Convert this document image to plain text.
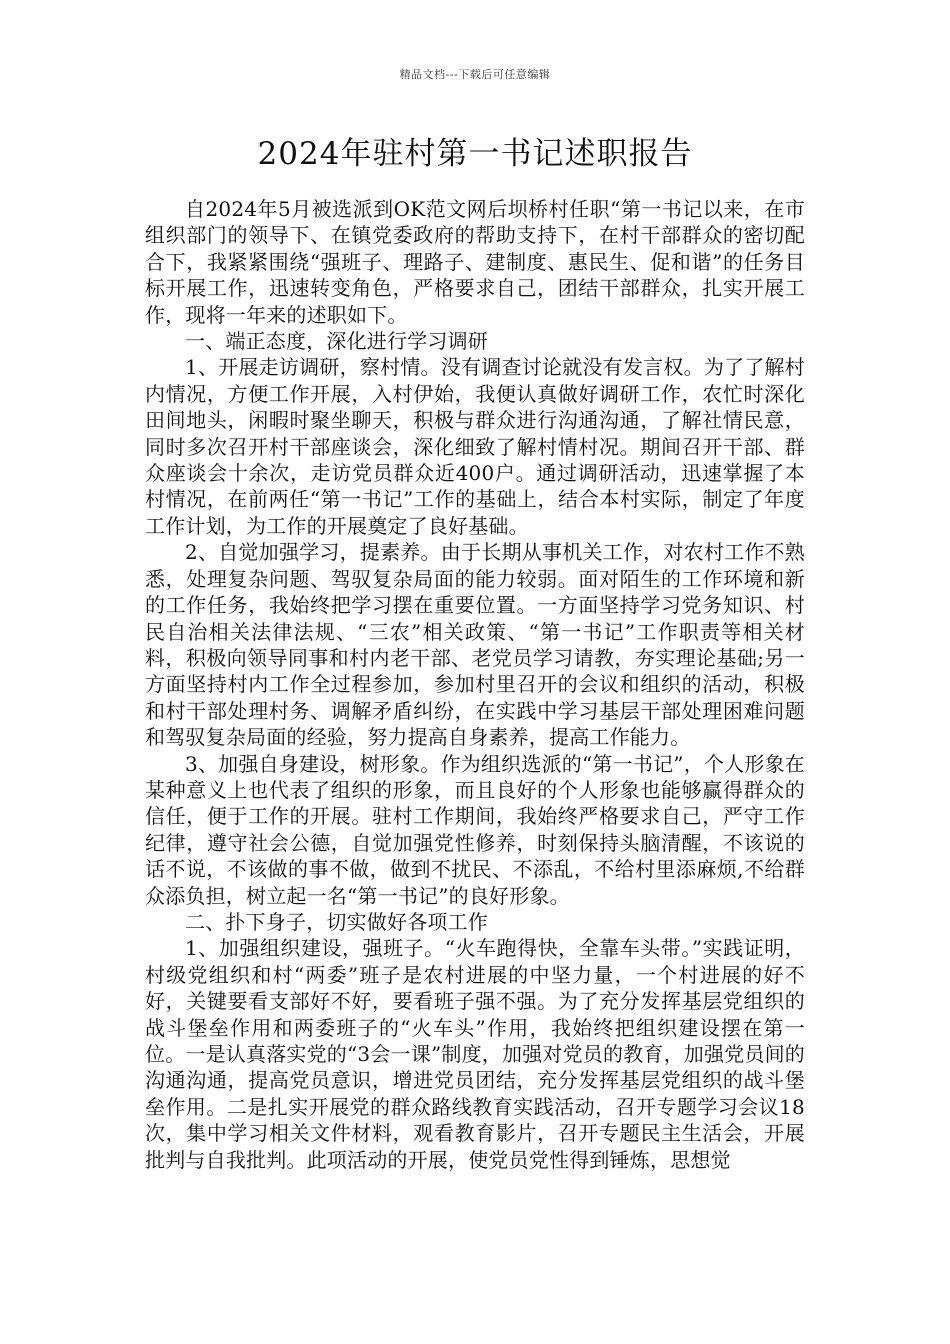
精品文档---下载后可任意编辑
2024年驻村第一书记述职报告

自2024年5月被选派到OK范文网后坝桥村任职“第一书记以来，在市组织部门的领导下、在镇党委政府的帮助支持下，在村干部群众的密切配合下，我紧紧围绕“强班子、理路子、建制度、惠民生、促和谐”的任务目标开展工作，迅速转变角色，严格要求自己，团结干部群众，扎实开展工作，现将一年来的述职如下。

一、端正态度，深化进行学习调研

1、开展走访调研，察村情。没有调查讨论就没有发言权。为了了解村内情况，方便工作开展，入村伊始，我便认真做好调研工作，农忙时深化田间地头，闲暇时聚坐聊天，积极与群众进行沟通沟通，了解社情民意，同时多次召开村干部座谈会，深化细致了解村情村况。期间召开干部、群众座谈会十余次，走访党员群众近400户。通过调研活动，迅速掌握了本村情况，在前两任“第一书记”工作的基础上，结合本村实际，制定了年度工作计划，为工作的开展奠定了良好基础。

2、自觉加强学习，提素养。由于长期从事机关工作，对农村工作不熟悉，处理复杂问题、驾驭复杂局面的能力较弱。面对陌生的工作环境和新的工作任务，我始终把学习摆在重要位置。一方面坚持学习党务知识、村民自治相关法律法规、“三农”相关政策、“第一书记”工作职责等相关材料，积极向领导同事和村内老干部、老党员学习请教，夯实理论基础;另一方面坚持村内工作全过程参加，参加村里召开的会议和组织的活动，积极和村干部处理村务、调解矛盾纠纷，在实践中学习基层干部处理困难问题和驾驭复杂局面的经验，努力提高自身素养，提高工作能力。

3、加强自身建设，树形象。作为组织选派的“第一书记”，个人形象在某种意义上也代表了组织的形象，而且良好的个人形象也能够赢得群众的信任，便于工作的开展。驻村工作期间，我始终严格要求自己，严守工作纪律，遵守社会公德，自觉加强党性修养，时刻保持头脑清醒，不该说的话不说，不该做的事不做，做到不扰民、不添乱，不给村里添麻烦,不给群众添负担，树立起一名“第一书记”的良好形象。

二、扑下身子，切实做好各项工作

1、加强组织建设，强班子。“火车跑得快，全靠车头带。”实践证明，村级党组织和村“两委”班子是农村进展的中坚力量，一个村进展的好不好，关键要看支部好不好，要看班子强不强。为了充分发挥基层党组织的战斗堡垒作用和两委班子的“火车头”作用，我始终把组织建设摆在第一位。一是认真落实党的“3会一课”制度，加强对党员的教育，加强党员间的沟通沟通，提高党员意识，增进党员团结，充分发挥基层党组织的战斗堡垒作用。二是扎实开展党的群众路线教育实践活动，召开专题学习会议18次，集中学习相关文件材料，观看教育影片，召开专题民主生活会，开展批判与自我批判。此项活动的开展，使党员党性得到锤炼，思想觉
